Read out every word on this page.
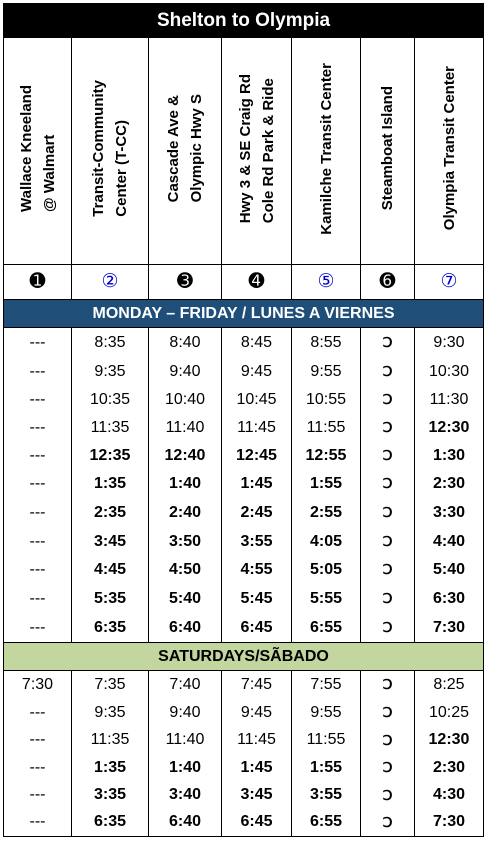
Shelton to Olympia						
Wallace Kneeland
@ Walmart	Transit-Community
Center (T-CC)	Cascade Ave &
Olympic Hwy S	Hwy 3 & SE Craig Rd
Cole Rd Park & Ride	Kamilche Transit Center	Steamboat Island	Olympia Transit Center
➊	②	➌	➍	⑤	➏	⑦
MONDAY – FRIDAY / LUNES A VIERNES						
---	8:35	8:40	8:45	8:55	Ↄ	9:30
---	9:35	9:40	9:45	9:55	Ↄ	10:30
---	10:35	10:40	10:45	10:55	Ↄ	11:30
---	11:35	11:40	11:45	11:55	Ↄ	12:30
---	12:35	12:40	12:45	12:55	Ↄ	1:30
---	1:35	1:40	1:45	1:55	Ↄ	2:30
---	2:35	2:40	2:45	2:55	Ↄ	3:30
---	3:45	3:50	3:55	4:05	Ↄ	4:40
---	4:45	4:50	4:55	5:05	Ↄ	5:40
---	5:35	5:40	5:45	5:55	Ↄ	6:30
---	6:35	6:40	6:45	6:55	Ↄ	7:30
SATURDAYS/SÃBADO						
7:30	7:35	7:40	7:45	7:55	Ↄ	8:25
---	9:35	9:40	9:45	9:55	Ↄ	10:25
---	11:35	11:40	11:45	11:55	Ↄ	12:30
---	1:35	1:40	1:45	1:55	Ↄ	2:30
---	3:35	3:40	3:45	3:55	Ↄ	4:30
---	6:35	6:40	6:45	6:55	Ↄ	7:30
